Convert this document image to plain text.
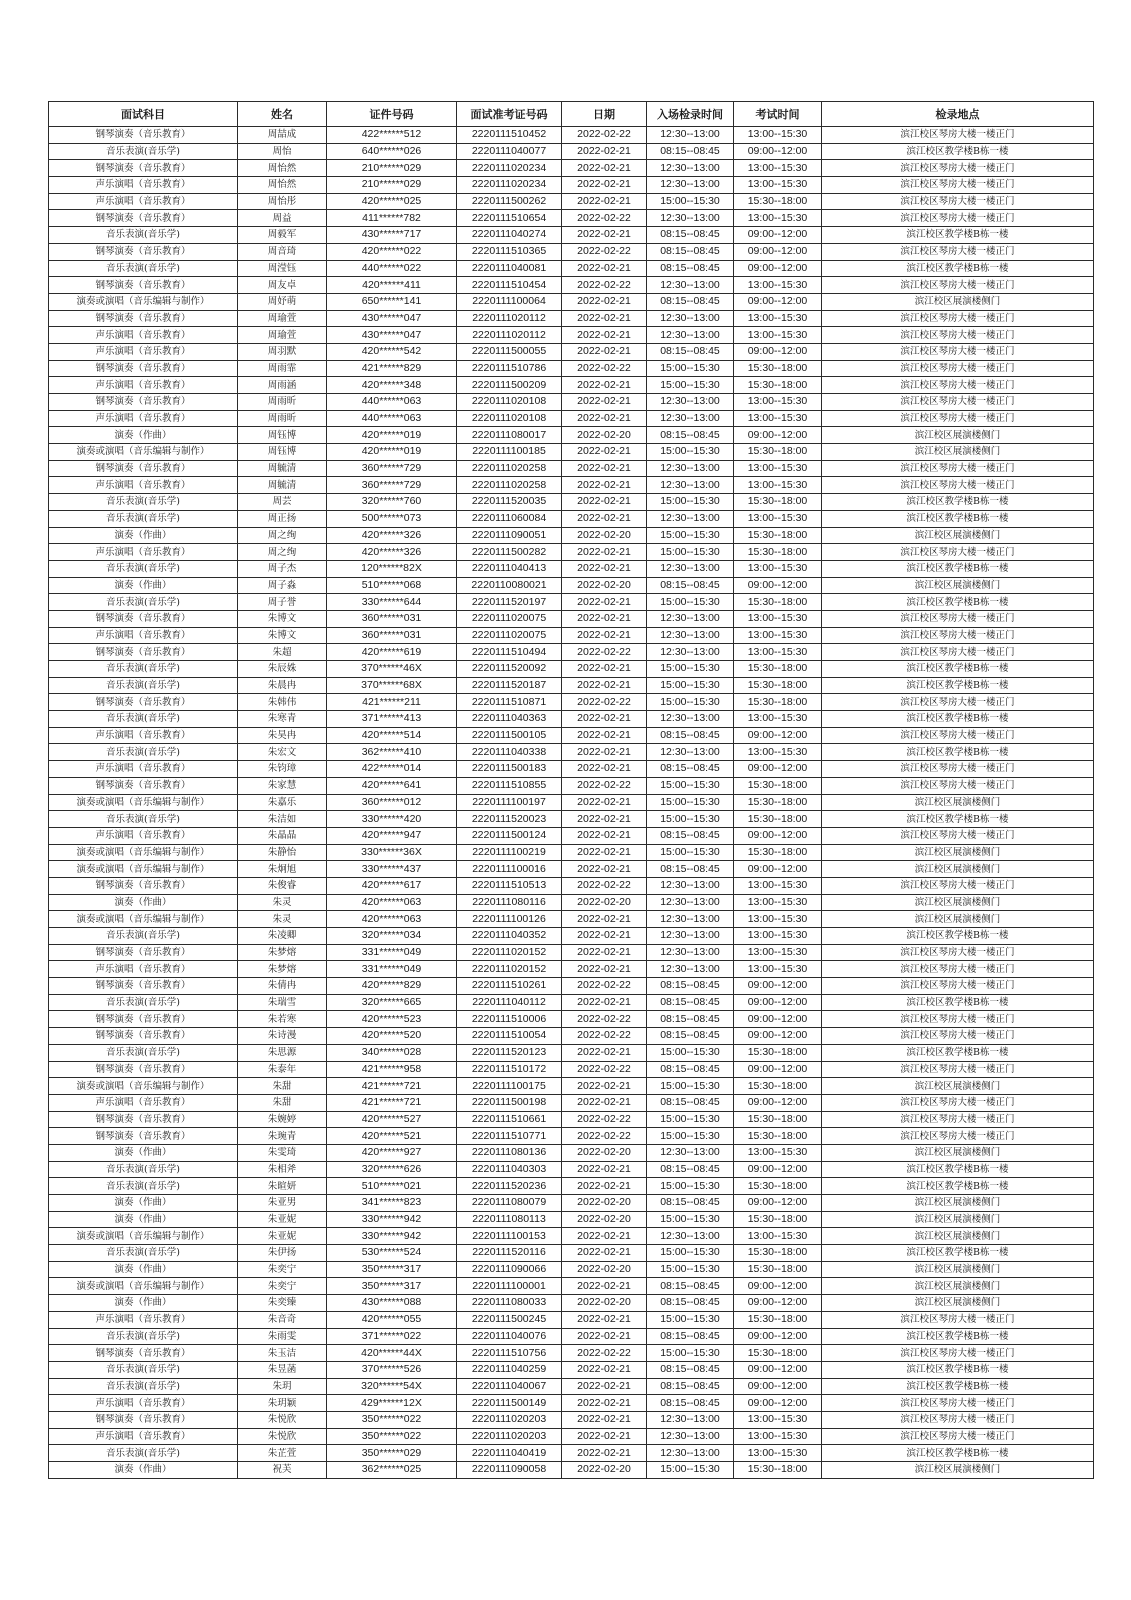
面试科目	姓名	证件号码	面试准考证号码	日期	入场检录时间	考试时间	检录地点
钢琴演奏（音乐教育）	周喆成	422******512	2220111510452	2022-02-22	12:30--13:00	13:00--15:30	滨江校区琴房大楼一楼正门
音乐表演(音乐学)	周怡	640******026	2220111040077	2022-02-21	08:15--08:45	09:00--12:00	滨江校区教学楼B栋一楼
钢琴演奏（音乐教育）	周怡然	210******029	2220111020234	2022-02-21	12:30--13:00	13:00--15:30	滨江校区琴房大楼一楼正门
声乐演唱（音乐教育）	周怡然	210******029	2220111020234	2022-02-21	12:30--13:00	13:00--15:30	滨江校区琴房大楼一楼正门
声乐演唱（音乐教育）	周怡彤	420******025	2220111500262	2022-02-21	15:00--15:30	15:30--18:00	滨江校区琴房大楼一楼正门
钢琴演奏（音乐教育）	周益	411******782	2220111510654	2022-02-22	12:30--13:00	13:00--15:30	滨江校区琴房大楼一楼正门
音乐表演(音乐学)	周毅军	430******717	2220111040274	2022-02-21	08:15--08:45	09:00--12:00	滨江校区教学楼B栋一楼
钢琴演奏（音乐教育）	周音琦	420******022	2220111510365	2022-02-22	08:15--08:45	09:00--12:00	滨江校区琴房大楼一楼正门
音乐表演(音乐学)	周滢钰	440******022	2220111040081	2022-02-21	08:15--08:45	09:00--12:00	滨江校区教学楼B栋一楼
钢琴演奏（音乐教育）	周友卓	420******411	2220111510454	2022-02-22	12:30--13:00	13:00--15:30	滨江校区琴房大楼一楼正门
演奏或演唱（音乐编辑与制作）	周妤萌	650******141	2220111100064	2022-02-21	08:15--08:45	09:00--12:00	滨江校区展演楼侧门
钢琴演奏（音乐教育）	周瑜萱	430******047	2220111020112	2022-02-21	12:30--13:00	13:00--15:30	滨江校区琴房大楼一楼正门
声乐演唱（音乐教育）	周瑜萱	430******047	2220111020112	2022-02-21	12:30--13:00	13:00--15:30	滨江校区琴房大楼一楼正门
声乐演唱（音乐教育）	周羽默	420******542	2220111500055	2022-02-21	08:15--08:45	09:00--12:00	滨江校区琴房大楼一楼正门
钢琴演奏（音乐教育）	周雨霏	421******829	2220111510786	2022-02-22	15:00--15:30	15:30--18:00	滨江校区琴房大楼一楼正门
声乐演唱（音乐教育）	周雨涵	420******348	2220111500209	2022-02-21	15:00--15:30	15:30--18:00	滨江校区琴房大楼一楼正门
钢琴演奏（音乐教育）	周雨昕	440******063	2220111020108	2022-02-21	12:30--13:00	13:00--15:30	滨江校区琴房大楼一楼正门
声乐演唱（音乐教育）	周雨昕	440******063	2220111020108	2022-02-21	12:30--13:00	13:00--15:30	滨江校区琴房大楼一楼正门
演奏（作曲）	周钰博	420******019	2220111080017	2022-02-20	08:15--08:45	09:00--12:00	滨江校区展演楼侧门
演奏或演唱（音乐编辑与制作）	周钰博	420******019	2220111100185	2022-02-21	15:00--15:30	15:30--18:00	滨江校区展演楼侧门
钢琴演奏（音乐教育）	周毓清	360******729	2220111020258	2022-02-21	12:30--13:00	13:00--15:30	滨江校区琴房大楼一楼正门
声乐演唱（音乐教育）	周毓清	360******729	2220111020258	2022-02-21	12:30--13:00	13:00--15:30	滨江校区琴房大楼一楼正门
音乐表演(音乐学)	周芸	320******760	2220111520035	2022-02-21	15:00--15:30	15:30--18:00	滨江校区教学楼B栋一楼
音乐表演(音乐学)	周正扬	500******073	2220111060084	2022-02-21	12:30--13:00	13:00--15:30	滨江校区教学楼B栋一楼
演奏（作曲）	周之绚	420******326	2220111090051	2022-02-20	15:00--15:30	15:30--18:00	滨江校区展演楼侧门
声乐演唱（音乐教育）	周之绚	420******326	2220111500282	2022-02-21	15:00--15:30	15:30--18:00	滨江校区琴房大楼一楼正门
音乐表演(音乐学)	周子杰	120******82X	2220111040413	2022-02-21	12:30--13:00	13:00--15:30	滨江校区教学楼B栋一楼
演奏（作曲）	周子淼	510******068	2220110080021	2022-02-20	08:15--08:45	09:00--12:00	滨江校区展演楼侧门
音乐表演(音乐学)	周子誉	330******644	2220111520197	2022-02-21	15:00--15:30	15:30--18:00	滨江校区教学楼B栋一楼
钢琴演奏（音乐教育）	朱博文	360******031	2220111020075	2022-02-21	12:30--13:00	13:00--15:30	滨江校区琴房大楼一楼正门
声乐演唱（音乐教育）	朱博文	360******031	2220111020075	2022-02-21	12:30--13:00	13:00--15:30	滨江校区琴房大楼一楼正门
钢琴演奏（音乐教育）	朱超	420******619	2220111510494	2022-02-22	12:30--13:00	13:00--15:30	滨江校区琴房大楼一楼正门
音乐表演(音乐学)	朱辰姝	370******46X	2220111520092	2022-02-21	15:00--15:30	15:30--18:00	滨江校区教学楼B栋一楼
音乐表演(音乐学)	朱晨冉	370******68X	2220111520187	2022-02-21	15:00--15:30	15:30--18:00	滨江校区教学楼B栋一楼
钢琴演奏（音乐教育）	朱韩伟	421******211	2220111510871	2022-02-22	15:00--15:30	15:30--18:00	滨江校区琴房大楼一楼正门
音乐表演(音乐学)	朱寒青	371******413	2220111040363	2022-02-21	12:30--13:00	13:00--15:30	滨江校区教学楼B栋一楼
声乐演唱（音乐教育）	朱昊冉	420******514	2220111500105	2022-02-21	08:15--08:45	09:00--12:00	滨江校区琴房大楼一楼正门
音乐表演(音乐学)	朱宏文	362******410	2220111040338	2022-02-21	12:30--13:00	13:00--15:30	滨江校区教学楼B栋一楼
声乐演唱（音乐教育）	朱钧璋	422******014	2220111500183	2022-02-21	08:15--08:45	09:00--12:00	滨江校区琴房大楼一楼正门
钢琴演奏（音乐教育）	朱家慧	420******641	2220111510855	2022-02-22	15:00--15:30	15:30--18:00	滨江校区琴房大楼一楼正门
演奏或演唱（音乐编辑与制作）	朱嘉乐	360******012	2220111100197	2022-02-21	15:00--15:30	15:30--18:00	滨江校区展演楼侧门
音乐表演(音乐学)	朱洁如	330******420	2220111520023	2022-02-21	15:00--15:30	15:30--18:00	滨江校区教学楼B栋一楼
声乐演唱（音乐教育）	朱晶晶	420******947	2220111500124	2022-02-21	08:15--08:45	09:00--12:00	滨江校区琴房大楼一楼正门
演奏或演唱（音乐编辑与制作）	朱静怡	330******36X	2220111100219	2022-02-21	15:00--15:30	15:30--18:00	滨江校区展演楼侧门
演奏或演唱（音乐编辑与制作）	朱炯旭	330******437	2220111100016	2022-02-21	08:15--08:45	09:00--12:00	滨江校区展演楼侧门
钢琴演奏（音乐教育）	朱俊睿	420******617	2220111510513	2022-02-22	12:30--13:00	13:00--15:30	滨江校区琴房大楼一楼正门
演奏（作曲）	朱灵	420******063	2220111080116	2022-02-20	12:30--13:00	13:00--15:30	滨江校区展演楼侧门
演奏或演唱（音乐编辑与制作）	朱灵	420******063	2220111100126	2022-02-21	12:30--13:00	13:00--15:30	滨江校区展演楼侧门
音乐表演(音乐学)	朱凌卿	320******034	2220111040352	2022-02-21	12:30--13:00	13:00--15:30	滨江校区教学楼B栋一楼
钢琴演奏（音乐教育）	朱梦熔	331******049	2220111020152	2022-02-21	12:30--13:00	13:00--15:30	滨江校区琴房大楼一楼正门
声乐演唱（音乐教育）	朱梦熔	331******049	2220111020152	2022-02-21	12:30--13:00	13:00--15:30	滨江校区琴房大楼一楼正门
钢琴演奏（音乐教育）	朱倩冉	420******829	2220111510261	2022-02-22	08:15--08:45	09:00--12:00	滨江校区琴房大楼一楼正门
音乐表演(音乐学)	朱瑞雪	320******665	2220111040112	2022-02-21	08:15--08:45	09:00--12:00	滨江校区教学楼B栋一楼
钢琴演奏（音乐教育）	朱若寒	420******523	2220111510006	2022-02-22	08:15--08:45	09:00--12:00	滨江校区琴房大楼一楼正门
钢琴演奏（音乐教育）	朱诗漫	420******520	2220111510054	2022-02-22	08:15--08:45	09:00--12:00	滨江校区琴房大楼一楼正门
音乐表演(音乐学)	朱思源	340******028	2220111520123	2022-02-21	15:00--15:30	15:30--18:00	滨江校区教学楼B栋一楼
钢琴演奏（音乐教育）	朱泰年	421******958	2220111510172	2022-02-22	08:15--08:45	09:00--12:00	滨江校区琴房大楼一楼正门
演奏或演唱（音乐编辑与制作）	朱甜	421******721	2220111100175	2022-02-21	15:00--15:30	15:30--18:00	滨江校区展演楼侧门
声乐演唱（音乐教育）	朱甜	421******721	2220111500198	2022-02-21	08:15--08:45	09:00--12:00	滨江校区琴房大楼一楼正门
钢琴演奏（音乐教育）	朱婉婷	420******527	2220111510661	2022-02-22	15:00--15:30	15:30--18:00	滨江校区琴房大楼一楼正门
钢琴演奏（音乐教育）	朱琬青	420******521	2220111510771	2022-02-22	15:00--15:30	15:30--18:00	滨江校区琴房大楼一楼正门
演奏（作曲）	朱雯琦	420******927	2220111080136	2022-02-20	12:30--13:00	13:00--15:30	滨江校区展演楼侧门
音乐表演(音乐学)	朱相斧	320******626	2220111040303	2022-02-21	08:15--08:45	09:00--12:00	滨江校区教学楼B栋一楼
音乐表演(音乐学)	朱暄妍	510******021	2220111520236	2022-02-21	15:00--15:30	15:30--18:00	滨江校区教学楼B栋一楼
演奏（作曲）	朱亚男	341******823	2220111080079	2022-02-20	08:15--08:45	09:00--12:00	滨江校区展演楼侧门
演奏（作曲）	朱亚妮	330******942	2220111080113	2022-02-20	15:00--15:30	15:30--18:00	滨江校区展演楼侧门
演奏或演唱（音乐编辑与制作）	朱亚妮	330******942	2220111100153	2022-02-21	12:30--13:00	13:00--15:30	滨江校区展演楼侧门
音乐表演(音乐学)	朱伊扬	530******524	2220111520116	2022-02-21	15:00--15:30	15:30--18:00	滨江校区教学楼B栋一楼
演奏（作曲）	朱奕宁	350******317	2220111090066	2022-02-20	15:00--15:30	15:30--18:00	滨江校区展演楼侧门
演奏或演唱（音乐编辑与制作）	朱奕宁	350******317	2220111100001	2022-02-21	08:15--08:45	09:00--12:00	滨江校区展演楼侧门
演奏（作曲）	朱奕臻	430******088	2220111080033	2022-02-20	08:15--08:45	09:00--12:00	滨江校区展演楼侧门
声乐演唱（音乐教育）	朱音奇	420******055	2220111500245	2022-02-21	15:00--15:30	15:30--18:00	滨江校区琴房大楼一楼正门
音乐表演(音乐学)	朱雨雯	371******022	2220111040076	2022-02-21	08:15--08:45	09:00--12:00	滨江校区教学楼B栋一楼
钢琴演奏（音乐教育）	朱玉洁	420******44X	2220111510756	2022-02-22	15:00--15:30	15:30--18:00	滨江校区琴房大楼一楼正门
音乐表演(音乐学)	朱昱菡	370******526	2220111040259	2022-02-21	08:15--08:45	09:00--12:00	滨江校区教学楼B栋一楼
音乐表演(音乐学)	朱玥	320******54X	2220111040067	2022-02-21	08:15--08:45	09:00--12:00	滨江校区教学楼B栋一楼
声乐演唱（音乐教育）	朱玥颖	429******12X	2220111500149	2022-02-21	08:15--08:45	09:00--12:00	滨江校区琴房大楼一楼正门
钢琴演奏（音乐教育）	朱悦欣	350******022	2220111020203	2022-02-21	12:30--13:00	13:00--15:30	滨江校区琴房大楼一楼正门
声乐演唱（音乐教育）	朱悦欣	350******022	2220111020203	2022-02-21	12:30--13:00	13:00--15:30	滨江校区琴房大楼一楼正门
音乐表演(音乐学)	朱芷萱	350******029	2220111040419	2022-02-21	12:30--13:00	13:00--15:30	滨江校区教学楼B栋一楼
演奏（作曲）	祝芙	362******025	2220111090058	2022-02-20	15:00--15:30	15:30--18:00	滨江校区展演楼侧门
